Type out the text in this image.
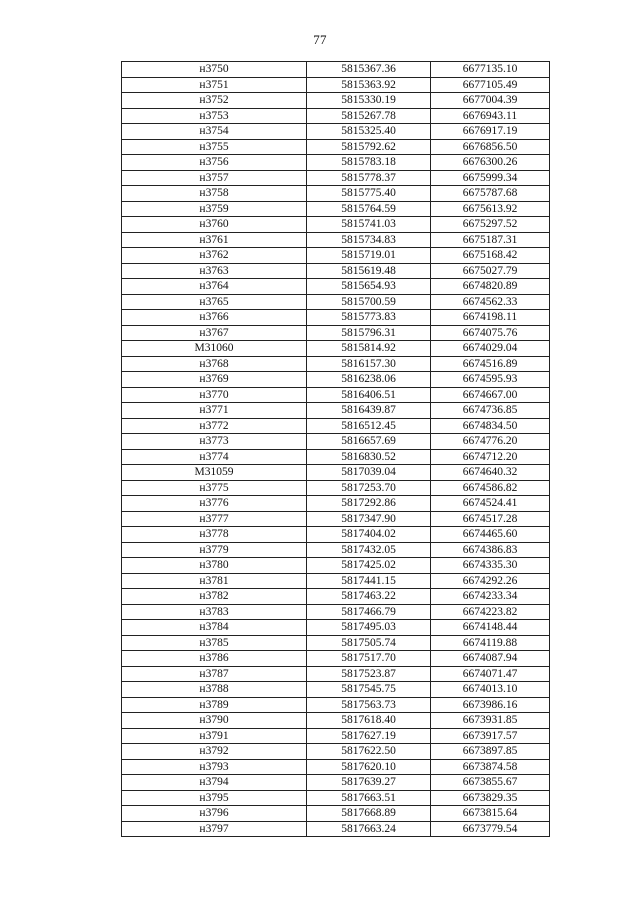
77
н3750	5815367.36	6677135.10
н3751	5815363.92	6677105.49
н3752	5815330.19	6677004.39
н3753	5815267.78	6676943.11
н3754	5815325.40	6676917.19
н3755	5815792.62	6676856.50
н3756	5815783.18	6676300.26
н3757	5815778.37	6675999.34
н3758	5815775.40	6675787.68
н3759	5815764.59	6675613.92
н3760	5815741.03	6675297.52
н3761	5815734.83	6675187.31
н3762	5815719.01	6675168.42
н3763	5815619.48	6675027.79
н3764	5815654.93	6674820.89
н3765	5815700.59	6674562.33
н3766	5815773.83	6674198.11
н3767	5815796.31	6674075.76
М31060	5815814.92	6674029.04
н3768	5816157.30	6674516.89
н3769	5816238.06	6674595.93
н3770	5816406.51	6674667.00
н3771	5816439.87	6674736.85
н3772	5816512.45	6674834.50
н3773	5816657.69	6674776.20
н3774	5816830.52	6674712.20
М31059	5817039.04	6674640.32
н3775	5817253.70	6674586.82
н3776	5817292.86	6674524.41
н3777	5817347.90	6674517.28
н3778	5817404.02	6674465.60
н3779	5817432.05	6674386.83
н3780	5817425.02	6674335.30
н3781	5817441.15	6674292.26
н3782	5817463.22	6674233.34
н3783	5817466.79	6674223.82
н3784	5817495.03	6674148.44
н3785	5817505.74	6674119.88
н3786	5817517.70	6674087.94
н3787	5817523.87	6674071.47
н3788	5817545.75	6674013.10
н3789	5817563.73	6673986.16
н3790	5817618.40	6673931.85
н3791	5817627.19	6673917.57
н3792	5817622.50	6673897.85
н3793	5817620.10	6673874.58
н3794	5817639.27	6673855.67
н3795	5817663.51	6673829.35
н3796	5817668.89	6673815.64
н3797	5817663.24	6673779.54
